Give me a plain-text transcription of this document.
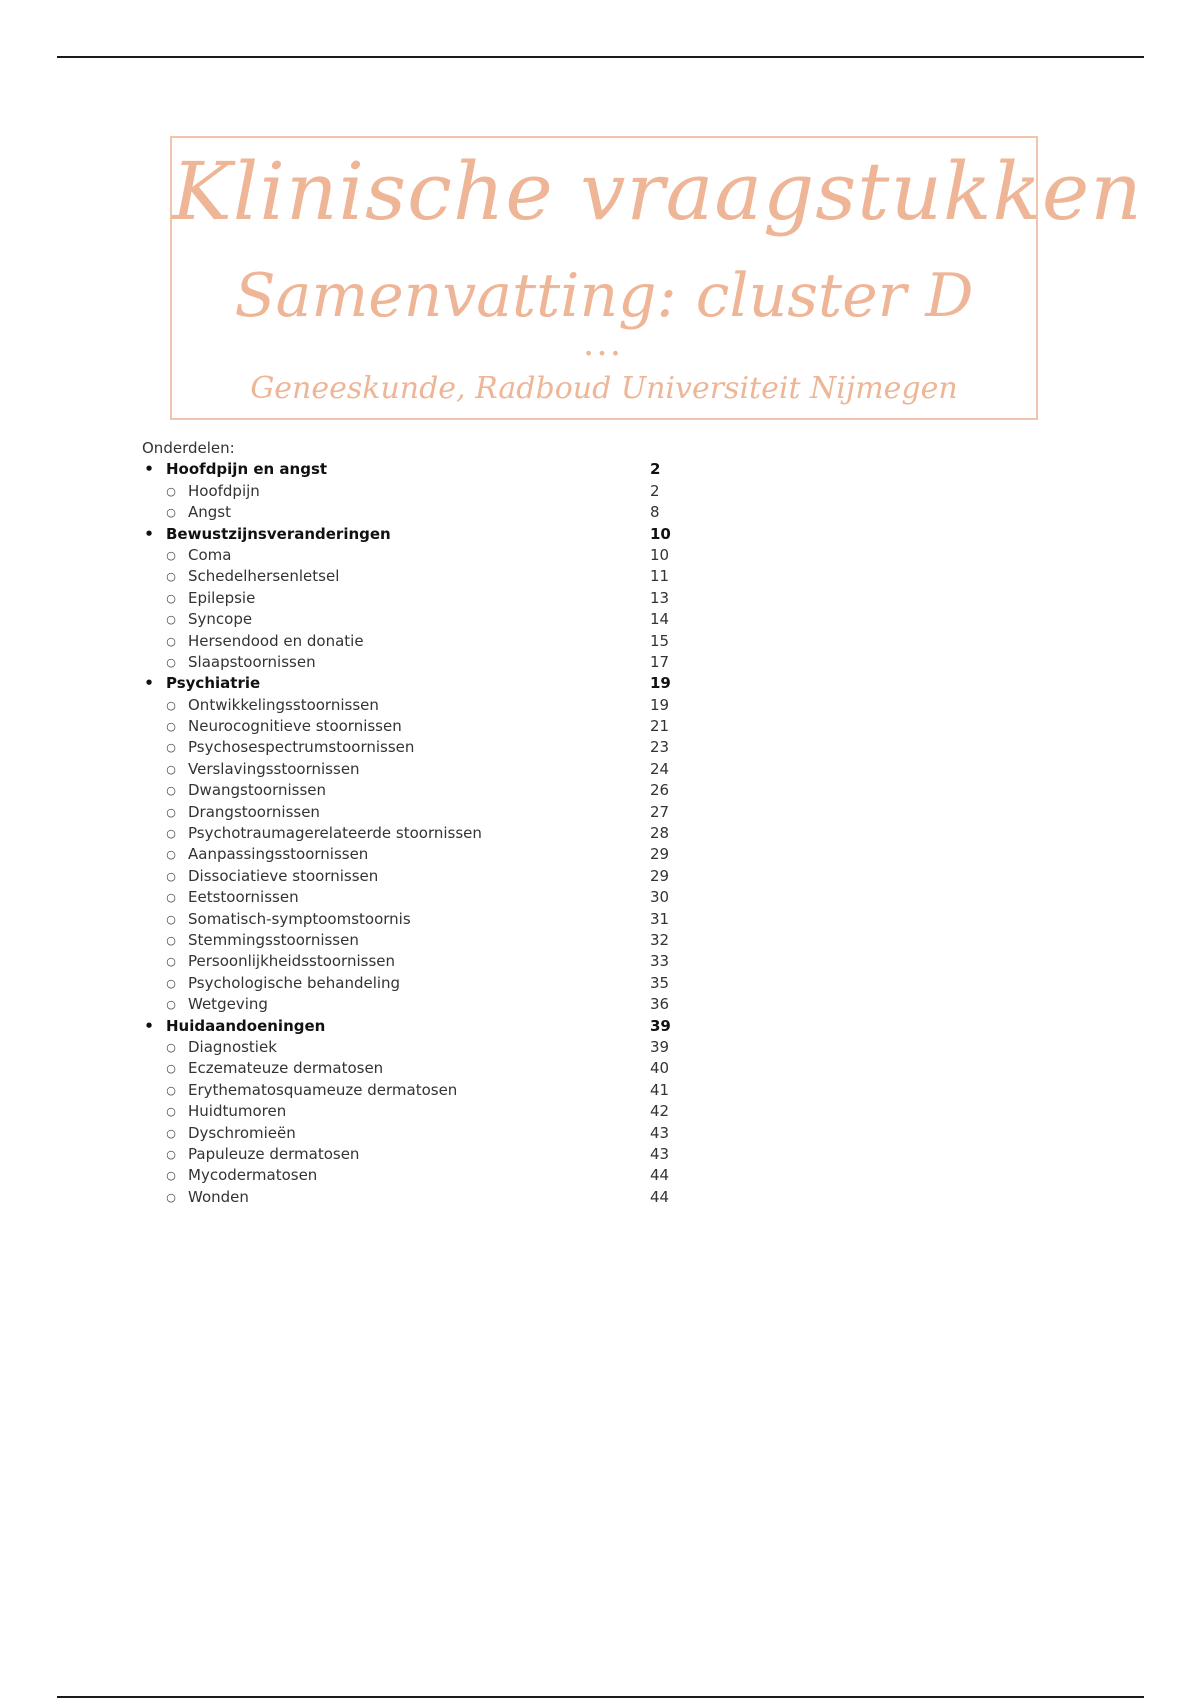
Klinische vraagstukken
Samenvatting: cluster D
•••
Geneeskunde, Radboud Universiteit Nijmegen
Onderdelen:
• Hoofdpijn en angst	2
○ Hoofdpijn	2
○ Angst	8
• Bewustzijnsveranderingen	10
○ Coma	10
○ Schedelhersenletsel	11
○ Epilepsie	13
○ Syncope	14
○ Hersendood en donatie	15
○ Slaapstoornissen	17
• Psychiatrie	19
○ Ontwikkelingsstoornissen	19
○ Neurocognitieve stoornissen	21
○ Psychosespectrumstoornissen	23
○ Verslavingsstoornissen	24
○ Dwangstoornissen	26
○ Drangstoornissen	27
○ Psychotraumagerelateerde stoornissen	28
○ Aanpassingsstoornissen	29
○ Dissociatieve stoornissen	29
○ Eetstoornissen	30
○ Somatisch-symptoomstoornis	31
○ Stemmingsstoornissen	32
○ Persoonlijkheidsstoornissen	33
○ Psychologische behandeling	35
○ Wetgeving	36
• Huidaandoeningen	39
○ Diagnostiek	39
○ Eczemateuze dermatosen	40
○ Erythematosquameuze dermatosen	41
○ Huidtumoren	42
○ Dyschromieën	43
○ Papuleuze dermatosen	43
○ Mycodermatosen	44
○ Wonden	44
